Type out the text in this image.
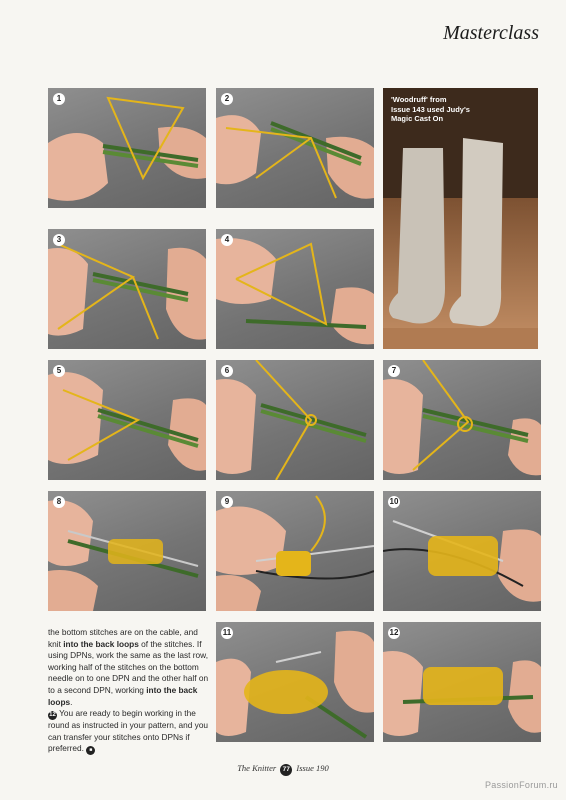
Masterclass
1	2	'Woodruff' from
Issue 143 used Judy's
Magic Cast On
3	4
5	6	7
8	9	10
11	12
the bottom stitches are on the cable, and knit into the back loops of the stitches. If using DPNs, work the same as the last row, working half of the stitches on the bottom needle on to one DPN and the other half on to a second DPN, working into the back loops.
12 You are ready to begin working in the round as instructed in your pattern, and you can transfer your stitches onto DPNs if preferred. ■
The Knitter 77 Issue 190
PassionForum.ru
